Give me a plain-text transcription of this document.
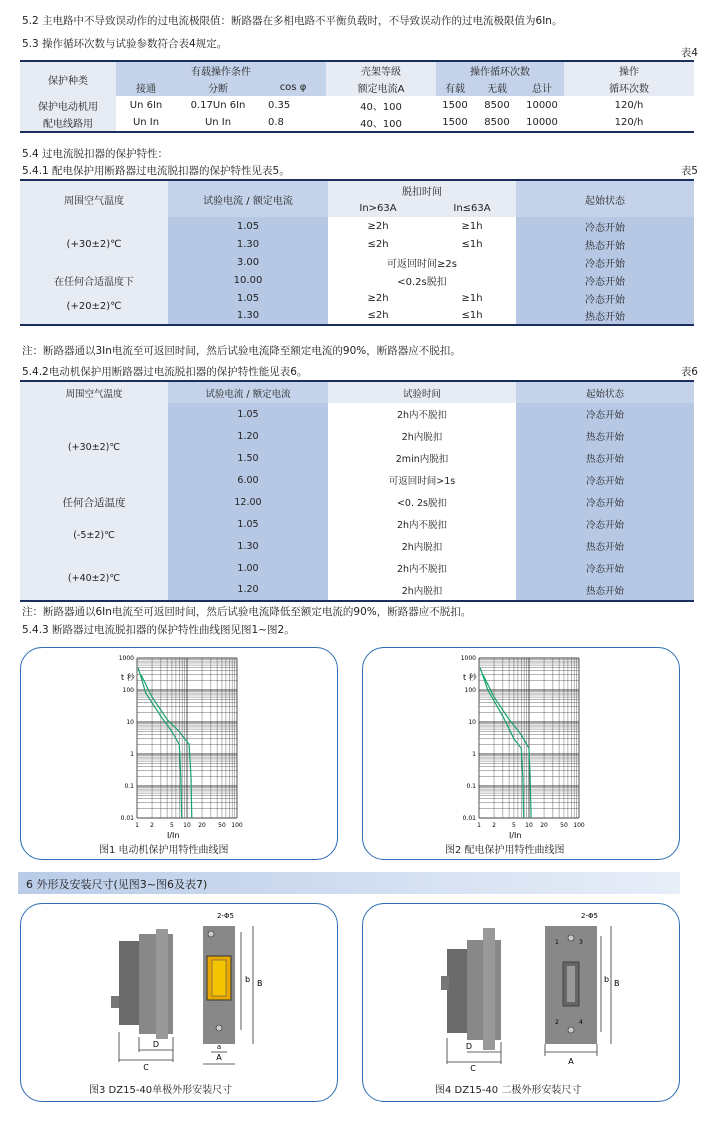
5.2 主电路中不导致误动作的过电流极限值：断路器在多相电路不平衡负载时，不导致误动作的过电流极限值为6In。
5.3 操作循环次数与试验参数符合表4规定。
表4
保护种类	有载操作条件			壳架等级	操作循环次数			操作
	接通	分断	cos φ	额定电流A	有载	无载	总计	循环次数
保护电动机用	Un 6In	0.17Un 6In	0.35	40、100	1500	8500	10000	120/h
配电线路用	Un In	Un In	0.8	40、100	1500	8500	10000	120/h
5.4 过电流脱扣器的保护特性：
5.4.1 配电保护用断路器过电流脱扣器的保护特性见表5。	表5
周围空气温度	试验电流 / 额定电流	脱扣时间		起始状态
		In>63A	In≤63A	
(+30±2)℃	1.05	≥2h	≥1h	冷态开始
	1.30	≤2h	≤1h	热态开始
	3.00	可返回时间≥2s		冷态开始
在任何合适温度下	10.00	<0.2s脱扣		冷态开始
(+20±2)℃	1.05	≥2h	≥1h	冷态开始
	1.30	≤2h	≤1h	热态开始
注：断路器通以3In电流至可返回时间，然后试验电流降至额定电流的90%，断路器应不脱扣。
5.4.2电动机保护用断路器过电流脱扣器的保护特性能见表6。	表6
周围空气温度	试验电流 / 额定电流	试验时间	起始状态
(+30±2)℃	1.05	2h内不脱扣	冷态开始
	1.20	2h内脱扣	热态开始
	1.50	2min内脱扣	热态开始
	6.00	可返回时间>1s	冷态开始
任何合适温度	12.00	<0. 2s脱扣	冷态开始
(-5±2)℃	1.05	2h内不脱扣	冷态开始
	1.30	2h内脱扣	热态开始
(+40±2)℃	1.00	2h内不脱扣	冷态开始
	1.20	2h内脱扣	热态开始
注：断路器通以6In电流至可返回时间，然后试验电流降低至额定电流的90%，断路器应不脱扣。
5.4.3 断路器过电流脱扣器的保护特性曲线图见图1~图2。
1 2	5 10 20 50 100
1000
100
10
1
0.1
0.01
t 秒
I/In
图1 电动机保护用特性曲线图
1 2	5 10 20 50 100
1000
100
10
1
0.1
0.01
t 秒
I/In
图2 配电保护用特性曲线图
6 外形及安装尺寸(见图3~图6及表7)
D
C
2-Φ5
a
A
b B
图3 DZ15-40单极外形安装尺寸
D
C
2-Φ5
1	3
2	4
A
b B
图4 DZ15-40 二极外形安装尺寸
